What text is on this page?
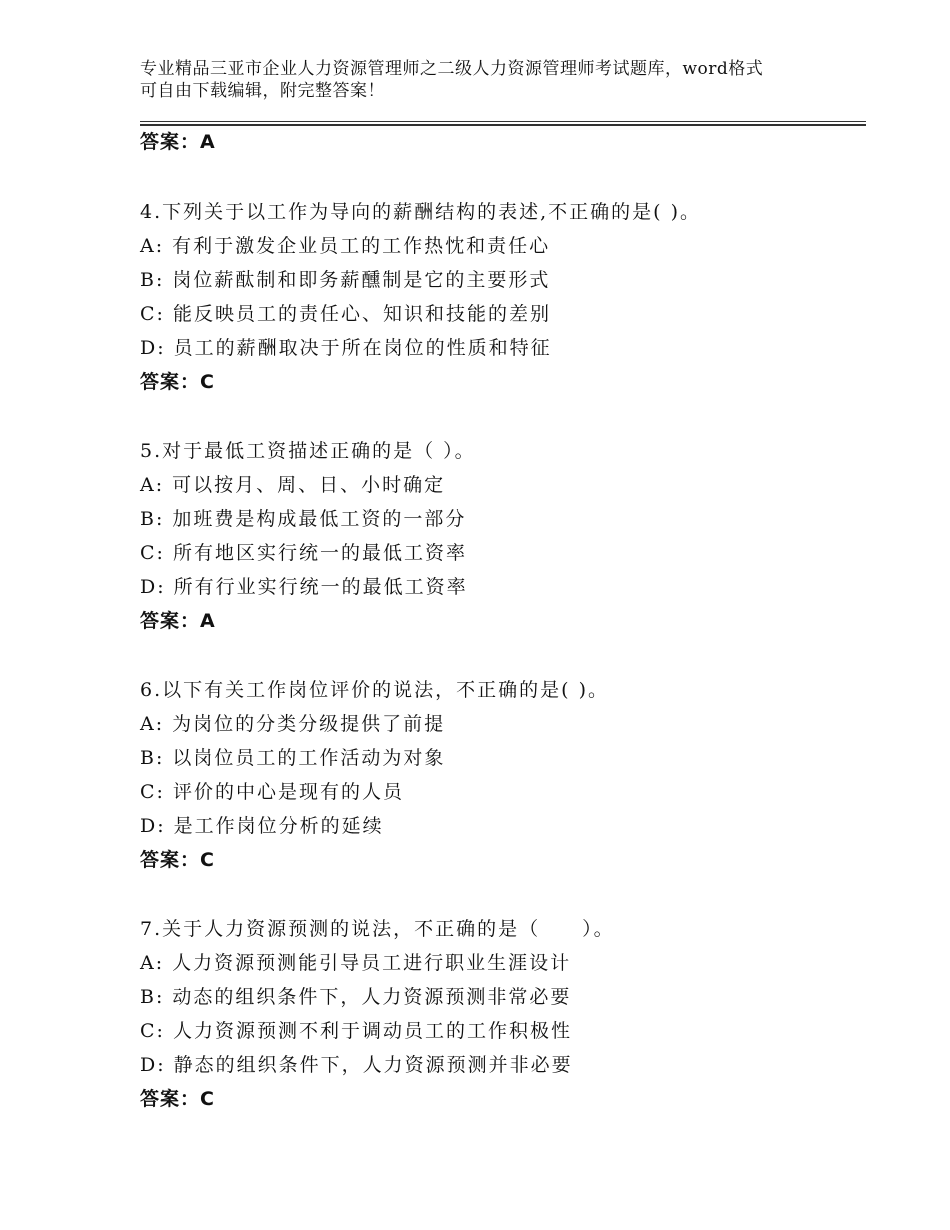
专业精品三亚市企业人力资源管理师之二级人力资源管理师考试题库，word格式
可自由下载编辑，附完整答案！
答案：A
4.下列关于以工作为导向的薪酬结构的表述,不正确的是( )。
A: 有利于激发企业员工的工作热忱和责任心
B: 岗位薪酞制和即务薪醺制是它的主要形式
C: 能反映员工的责任心、知识和技能的差别
D: 员工的薪酬取决于所在岗位的性质和特征
答案：C
5.对于最低工资描述正确的是（ ）。
A: 可以按月、周、日、小时确定
B: 加班费是构成最低工资的一部分
C: 所有地区实行统一的最低工资率
D: 所有行业实行统一的最低工资率
答案：A
6.以下有关工作岗位评价的说法，不正确的是( )。
A: 为岗位的分类分级提供了前提
B: 以岗位员工的工作活动为对象
C: 评价的中心是现有的人员
D: 是工作岗位分析的延续
答案：C
7.关于人力资源预测的说法，不正确的是（　　）。
A: 人力资源预测能引导员工进行职业生涯设计
B: 动态的组织条件下，人力资源预测非常必要
C: 人力资源预测不利于调动员工的工作积极性
D: 静态的组织条件下，人力资源预测并非必要
答案：C
